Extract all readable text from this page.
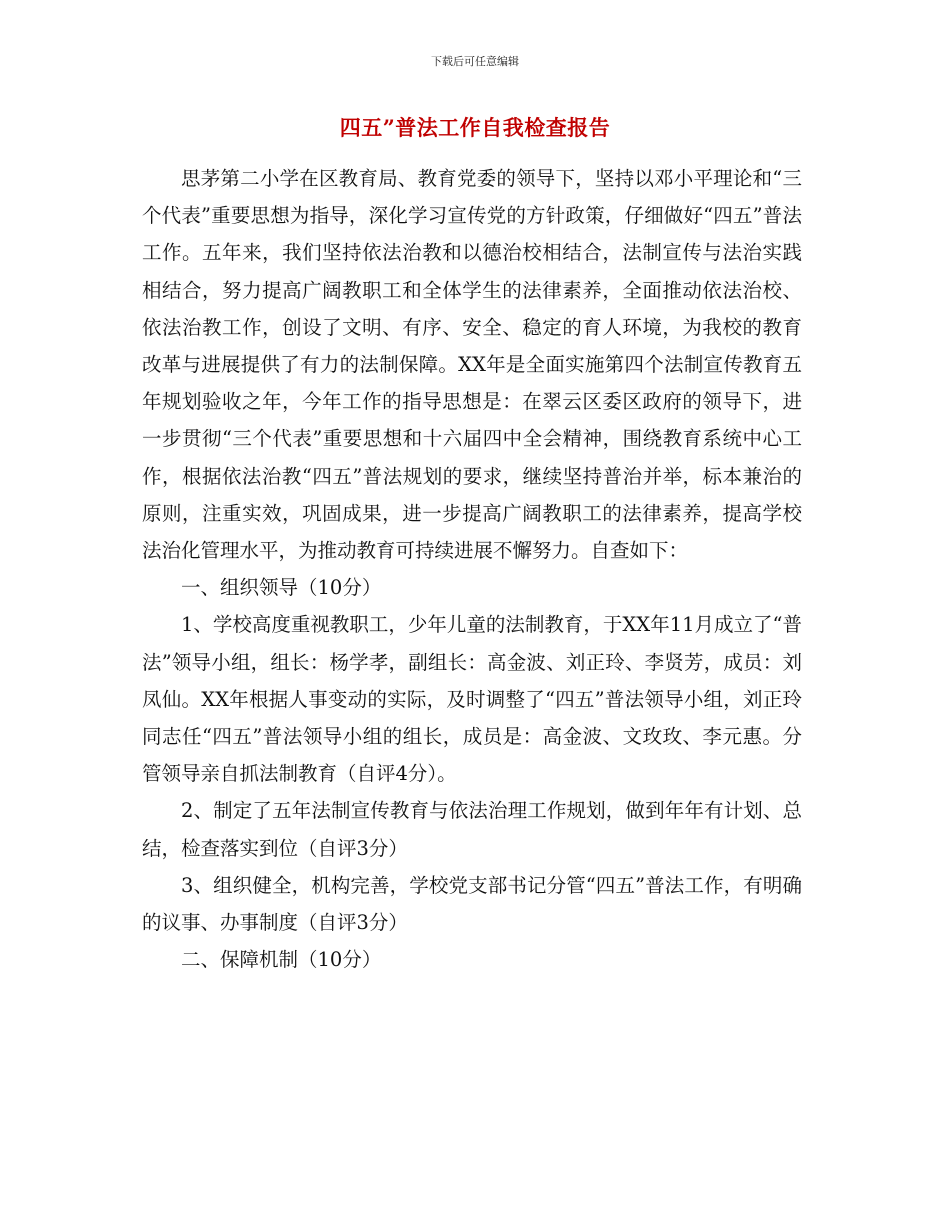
下载后可任意编辑
四五”普法工作自我检查报告

思茅第二小学在区教育局、教育党委的领导下，坚持以邓小平理论和“三个代表”重要思想为指导，深化学习宣传党的方针政策，仔细做好“四五”普法工作。五年来，我们坚持依法治教和以德治校相结合，法制宣传与法治实践相结合，努力提高广阔教职工和全体学生的法律素养，全面推动依法治校、依法治教工作，创设了文明、有序、安全、稳定的育人环境，为我校的教育改革与进展提供了有力的法制保障。XX年是全面实施第四个法制宣传教育五年规划验收之年，今年工作的指导思想是：在翠云区委区政府的领导下，进一步贯彻“三个代表”重要思想和十六届四中全会精神，围绕教育系统中心工作，根据依法治教“四五”普法规划的要求，继续坚持普治并举，标本兼治的原则，注重实效，巩固成果，进一步提高广阔教职工的法律素养，提高学校法治化管理水平，为推动教育可持续进展不懈努力。自查如下：

一、组织领导（10分）

1、学校高度重视教职工，少年儿童的法制教育，于XX年11月成立了“普法”领导小组，组长：杨学孝，副组长：高金波、刘正玲、李贤芳，成员：刘凤仙。XX年根据人事变动的实际，及时调整了“四五”普法领导小组，刘正玲同志任“四五”普法领导小组的组长，成员是：高金波、文玫玫、李元惠。分管领导亲自抓法制教育（自评4分）。

2、制定了五年法制宣传教育与依法治理工作规划，做到年年有计划、总结，检查落实到位（自评3分）

3、组织健全，机构完善，学校党支部书记分管“四五”普法工作，有明确的议事、办事制度（自评3分）

二、保障机制（10分）
